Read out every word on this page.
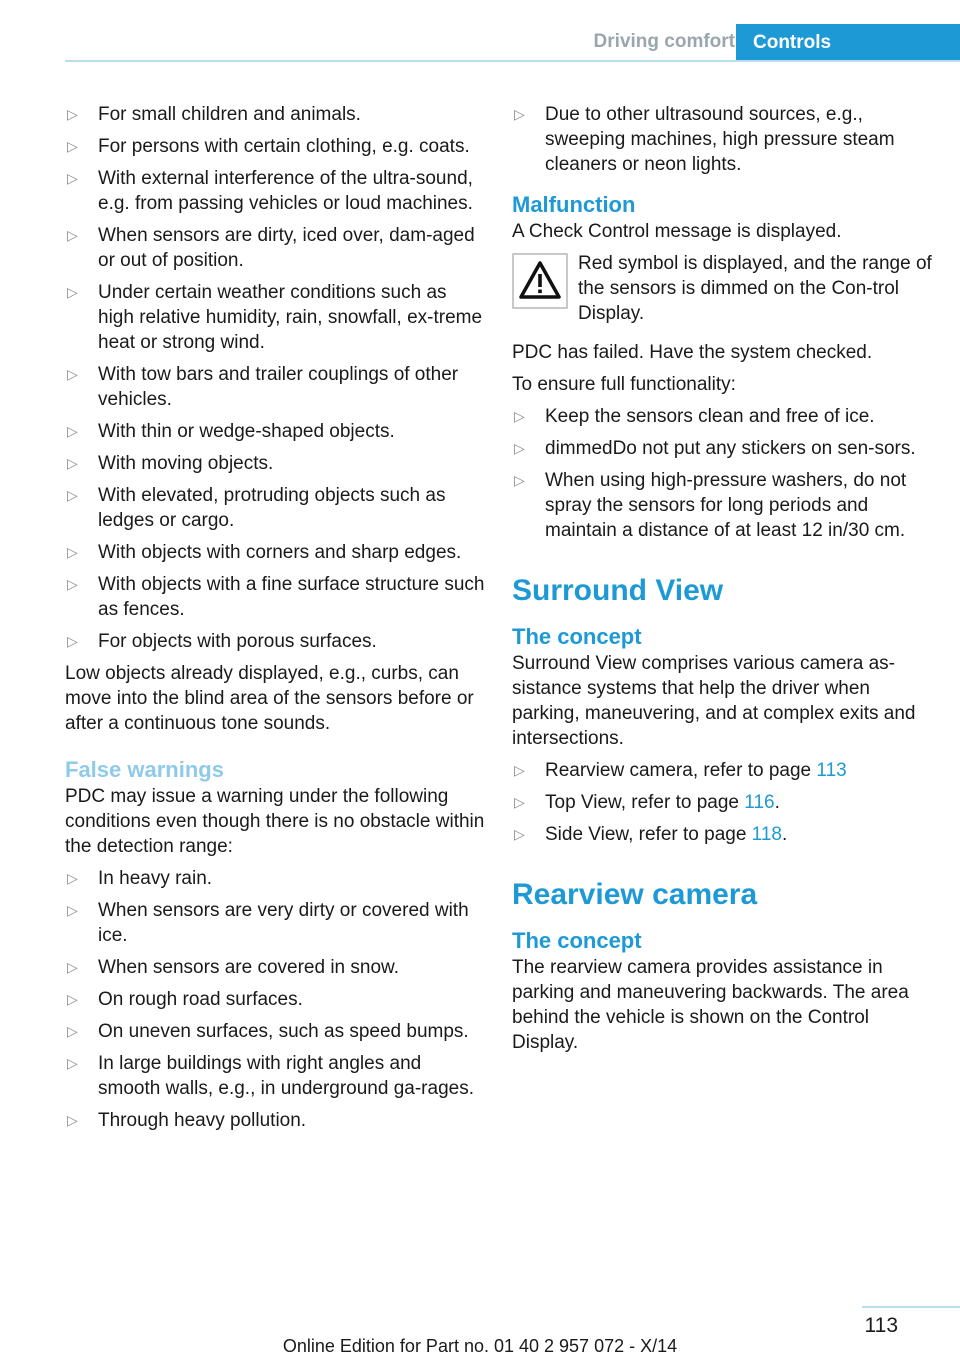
Driving comfort Controls
▷ For small children and animals.
▷ For persons with certain clothing, e.g. coats.
▷ With external interference of the ultra-sound, e.g. from passing vehicles or loud machines.
▷ When sensors are dirty, iced over, dam-aged or out of position.
▷ Under certain weather conditions such as high relative humidity, rain, snowfall, ex-treme heat or strong wind.
▷ With tow bars and trailer couplings of other vehicles.
▷ With thin or wedge-shaped objects.
▷ With moving objects.
▷ With elevated, protruding objects such as ledges or cargo.
▷ With objects with corners and sharp edges.
▷ With objects with a fine surface structure such as fences.
▷ For objects with porous surfaces.

Low objects already displayed, e.g., curbs, can move into the blind area of the sensors before or after a continuous tone sounds.

False warnings

PDC may issue a warning under the following conditions even though there is no obstacle within the detection range:

▷ In heavy rain.
▷ When sensors are very dirty or covered with ice.
▷ When sensors are covered in snow.
▷ On rough road surfaces.
▷ On uneven surfaces, such as speed bumps.
▷ In large buildings with right angles and smooth walls, e.g., in underground ga-rages.
▷ Through heavy pollution.
▷ Due to other ultrasound sources, e.g., sweeping machines, high pressure steam cleaners or neon lights.
Malfunction

A Check Control message is displayed.

Red symbol is displayed, and the range of the sensors is dimmed on the Con-trol Display.

PDC has failed. Have the system checked.

To ensure full functionality:

▷ Keep the sensors clean and free of ice.
▷ dimmedDo not put any stickers on sen-sors.
▷ When using high-pressure washers, do not spray the sensors for long periods and maintain a distance of at least 12 in/30 cm.
Surround View
The concept

Surround View comprises various camera as-sistance systems that help the driver when parking, maneuvering, and at complex exits and intersections.

▷ Rearview camera, refer to page 113
▷ Top View, refer to page 116.
▷ Side View, refer to page 118.
Rearview camera
The concept

The rearview camera provides assistance in parking and maneuvering backwards. The area behind the vehicle is shown on the Control Display.

113
Online Edition for Part no. 01 40 2 957 072 - X/14
